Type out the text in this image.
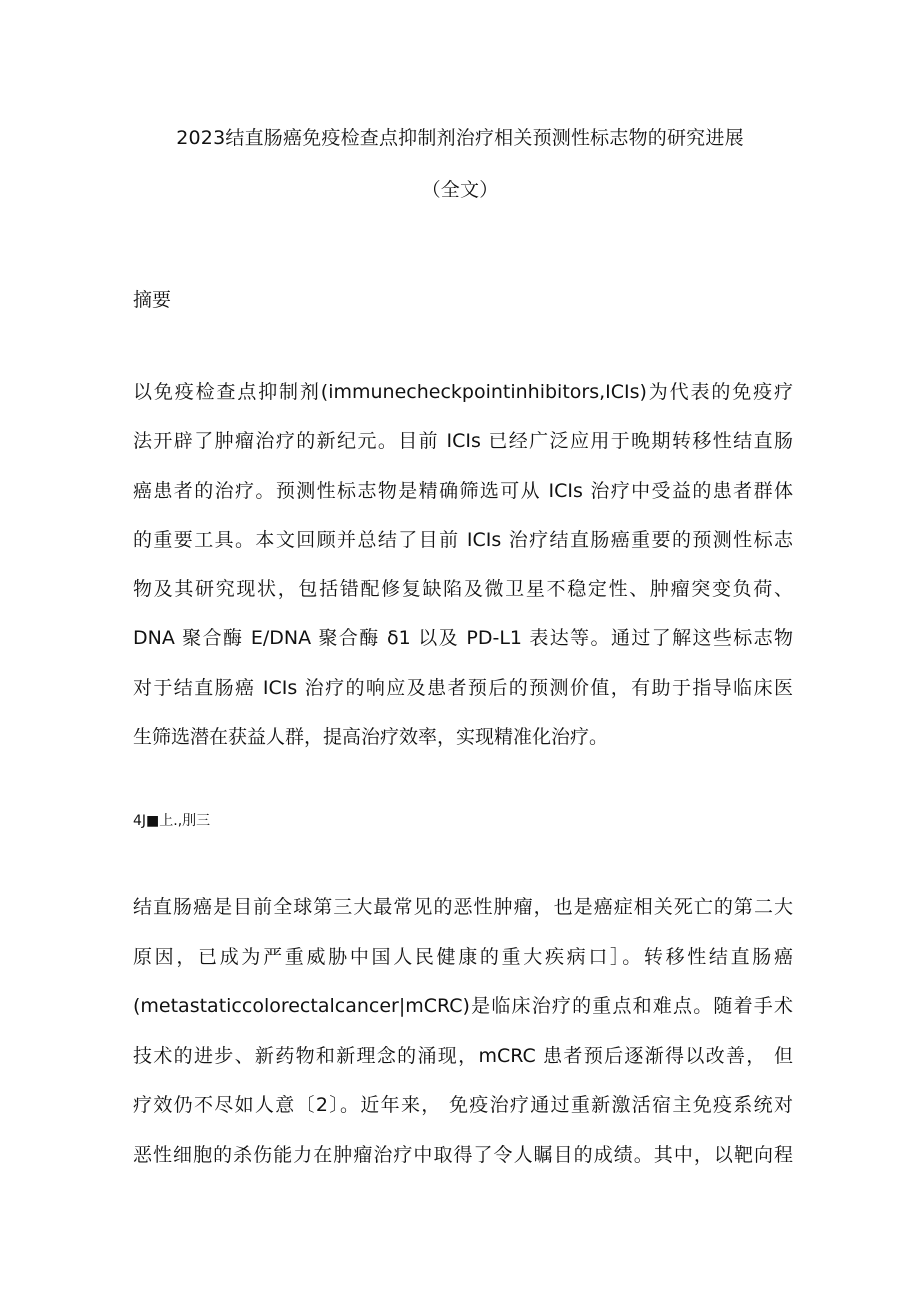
2023结直肠癌免疫检查点抑制剂治疗相关预测性标志物的研究进展
（全文）
摘要
以免疫检查点抑制剂(immunecheckpointinhibitors,ICIs)为代表的免疫疗
法开辟了肿瘤治疗的新纪元。目前 ICIs 已经广泛应用于晚期转移性结直肠
癌患者的治疗。预测性标志物是精确筛选可从 ICIs 治疗中受益的患者群体
的重要工具。本文回顾并总结了目前 ICIs 治疗结直肠癌重要的预测性标志
物及其研究现状，包括错配修复缺陷及微卫星不稳定性、肿瘤突变负荷、
DNA 聚合酶 E/DNA 聚合酶 δ1 以及 PD-L1 表达等。通过了解这些标志物
对于结直肠癌 ICIs 治疗的响应及患者预后的预测价值，有助于指导临床医
生筛选潜在获益人群，提高治疗效率，实现精准化治疗。
4J■上.,刖三
结直肠癌是目前全球第三大最常见的恶性肿瘤，也是癌症相关死亡的第二大
原因，已成为严重威胁中国人民健康的重大疾病口］。转移性结直肠癌
(metastaticcolorectalcancer|mCRC)是临床治疗的重点和难点。随着手术
技术的进步、新药物和新理念的涌现，mCRC 患者预后逐渐得以改善， 但
疗效仍不尽如人意〔2〕。近年来， 免疫治疗通过重新激活宿主免疫系统对
恶性细胞的杀伤能力在肿瘤治疗中取得了令人瞩目的成绩。其中，以靶向程
